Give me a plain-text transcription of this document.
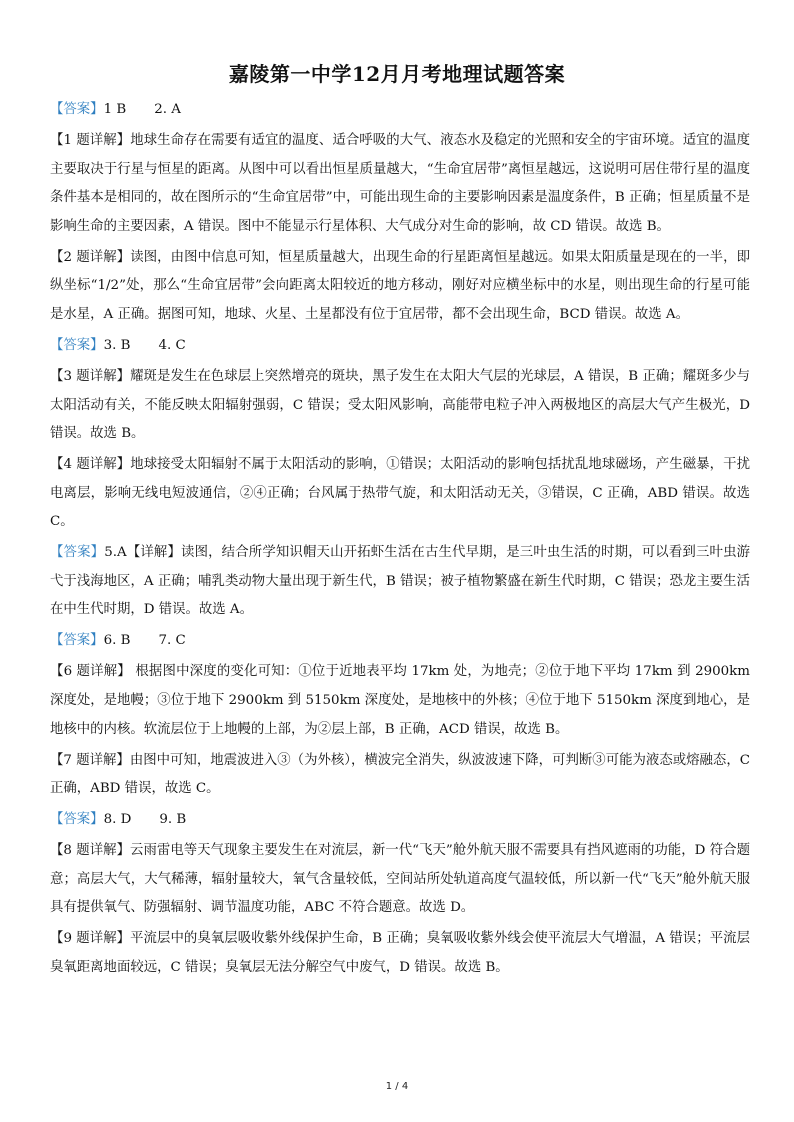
嘉陵第一中学12月月考地理试题答案

【答案】1 B 2. A

【1 题详解】地球生命存在需要有适宜的温度、适合呼吸的大气、液态水及稳定的光照和安全的宇宙环境。适宜的温度主要取决于行星与恒星的距离。从图中可以看出恒星质量越大，“生命宜居带”离恒星越远，这说明可居住带行星的温度条件基本是相同的，故在图所示的“生命宜居带”中，可能出现生命的主要影响因素是温度条件，B 正确；恒星质量不是影响生命的主要因素，A 错误。图中不能显示行星体积、大气成分对生命的影响，故 CD 错误。故选 B。

【2 题详解】读图，由图中信息可知，恒星质量越大，出现生命的行星距离恒星越远。如果太阳质量是现在的一半，即纵坐标“1/2”处，那么“生命宜居带”会向距离太阳较近的地方移动，刚好对应横坐标中的水星，则出现生命的行星可能是水星，A 正确。据图可知，地球、火星、土星都没有位于宜居带，都不会出现生命，BCD 错误。故选 A。

【答案】3. B 4. C

【3 题详解】耀斑是发生在色球层上突然增亮的斑块，黑子发生在太阳大气层的光球层，A 错误，B 正确；耀斑多少与太阳活动有关，不能反映太阳辐射强弱，C 错误；受太阳风影响，高能带电粒子冲入两极地区的高层大气产生极光，D 错误。故选 B。

【4 题详解】地球接受太阳辐射不属于太阳活动的影响，①错误；太阳活动的影响包括扰乱地球磁场，产生磁暴，干扰电离层，影响无线电短波通信，②④正确；台风属于热带气旋，和太阳活动无关，③错误，C 正确，ABD 错误。故选 C。

【答案】5.A【详解】读图，结合所学知识帽天山开拓虾生活在古生代早期，是三叶虫生活的时期，可以看到三叶虫游弋于浅海地区，A 正确；哺乳类动物大量出现于新生代，B 错误；被子植物繁盛在新生代时期，C 错误；恐龙主要生活在中生代时期，D 错误。故选 A。

【答案】6. B 7. C

【6 题详解】 根据图中深度的变化可知：①位于近地表平均 17km 处，为地壳；②位于地下平均 17km 到 2900km 深度处，是地幔；③位于地下 2900km 到 5150km 深度处，是地核中的外核；④位于地下 5150km 深度到地心，是地核中的内核。软流层位于上地幔的上部，为②层上部，B 正确，ACD 错误，故选 B。

【7 题详解】由图中可知，地震波进入③（为外核），横波完全消失，纵波波速下降，可判断③可能为液态或熔融态，C 正确，ABD 错误，故选 C。

【答案】8. D 9. B

【8 题详解】云雨雷电等天气现象主要发生在对流层，新一代“飞天”舱外航天服不需要具有挡风遮雨的功能，D 符合题意；高层大气，大气稀薄，辐射量较大，氧气含量较低，空间站所处轨道高度气温较低，所以新一代“飞天”舱外航天服具有提供氧气、防强辐射、调节温度功能，ABC 不符合题意。故选 D。

【9 题详解】平流层中的臭氧层吸收紫外线保护生命，B 正确；臭氧吸收紫外线会使平流层大气增温，A 错误；平流层臭氧距离地面较远，C 错误；臭氧层无法分解空气中废气，D 错误。故选 B。

1 / 4
